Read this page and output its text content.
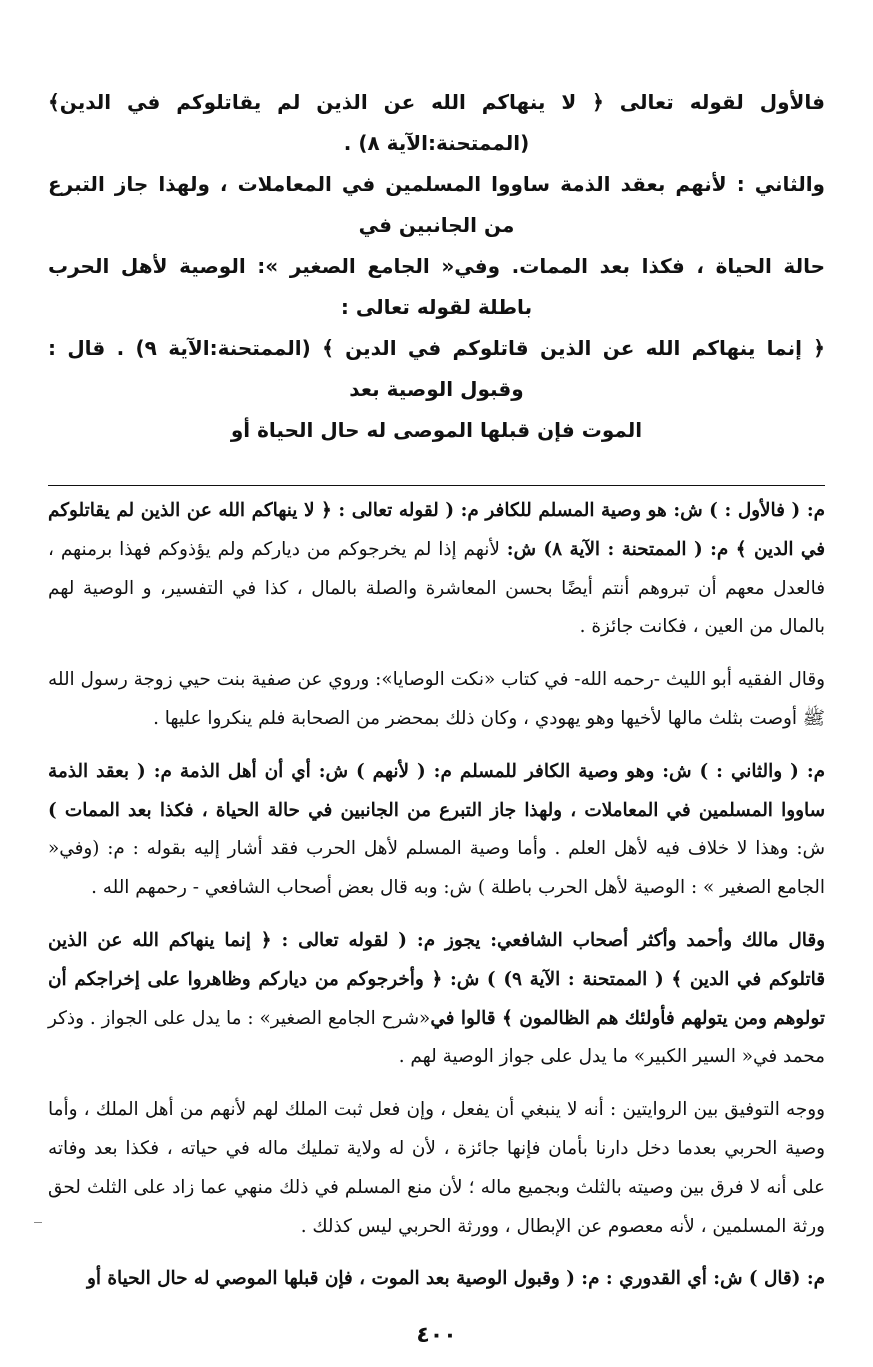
فالأول لقوله تعالى ﴿ لا ينهاكم الله عن الذين لم يقاتلوكم في الدين﴾ (الممتحنة:الآية ٨) .

والثاني : لأنهم بعقد الذمة ساووا المسلمين في المعاملات ، ولهذا جاز التبرع من الجانبين في

حالة الحياة ، فكذا بعد الممات. وفي« الجامع الصغير »: الوصية لأهل الحرب باطلة لقوله تعالى :

﴿ إنما ينهاكم الله عن الذين قاتلوكم في الدين ﴾ (الممتحنة:الآية ٩) . قال : وقبول الوصية بعد

الموت فإن قبلها الموصى له حال الحياة أو

م: ( فالأول : ) ش: هو وصية المسلم للكافر م: ( لقوله تعالى : ﴿ لا ينهاكم الله عن الذين لم يقاتلوكم في الدين ﴾ م: ( الممتحنة : الآية ٨) ش: لأنهم إذا لم يخرجوكم من دياركم ولم يؤذوكم فهذا برمنهم ، فالعدل معهم أن تبروهم أنتم أيضًا بحسن المعاشرة والصلة بالمال ، كذا في التفسير، و الوصية لهم بالمال من العين ، فكانت جائزة .

وقال الفقيه أبو الليث -رحمه الله- في كتاب «نكت الوصايا»: وروي عن صفية بنت حيي زوجة رسول الله ﷺ أوصت بثلث مالها لأخيها وهو يهودي ، وكان ذلك بمحضر من الصحابة فلم ينكروا عليها .

م: ( والثاني : ) ش: وهو وصية الكافر للمسلم م: ( لأنهم ) ش: أي أن أهل الذمة م: ( بعقد الذمة ساووا المسلمين في المعاملات ، ولهذا جاز التبرع من الجانبين في حالة الحياة ، فكذا بعد الممات ) ش: وهذا لا خلاف فيه لأهل العلم . وأما وصية المسلم لأهل الحرب فقد أشار إليه بقوله : م: (وفي« الجامع الصغير » : الوصية لأهل الحرب باطلة ) ش: وبه قال بعض أصحاب الشافعي - رحمهم الله .

وقال مالك وأحمد وأكثر أصحاب الشافعي: يجوز م: ( لقوله تعالى : ﴿ إنما ينهاكم الله عن الذين قاتلوكم في الدين ﴾ ( الممتحنة : الآية ٩) ) ش: ﴿ وأخرجوكم من دياركم وظاهروا على إخراجكم أن تولوهم ومن يتولهم فأولئك هم الظالمون ﴾ قالوا في«شرح الجامع الصغير» : ما يدل على الجواز . وذكر محمد في« السير الكبير» ما يدل على جواز الوصية لهم .

ووجه التوفيق بين الروايتين : أنه لا ينبغي أن يفعل ، وإن فعل ثبت الملك لهم لأنهم من أهل الملك ، وأما وصية الحربي بعدما دخل دارنا بأمان فإنها جائزة ، لأن له ولاية تمليك ماله في حياته ، فكذا بعد وفاته على أنه لا فرق بين وصيته بالثلث وبجميع ماله ؛ لأن منع المسلم في ذلك منهي عما زاد على الثلث لحق ورثة المسلمين ، لأنه معصوم عن الإبطال ، وورثة الحربي ليس كذلك .

م: (قال ) ش: أي القدوري : م: ( وقبول الوصية بعد الموت ، فإن قبلها الموصي له حال الحياة أو

٤٠٠
